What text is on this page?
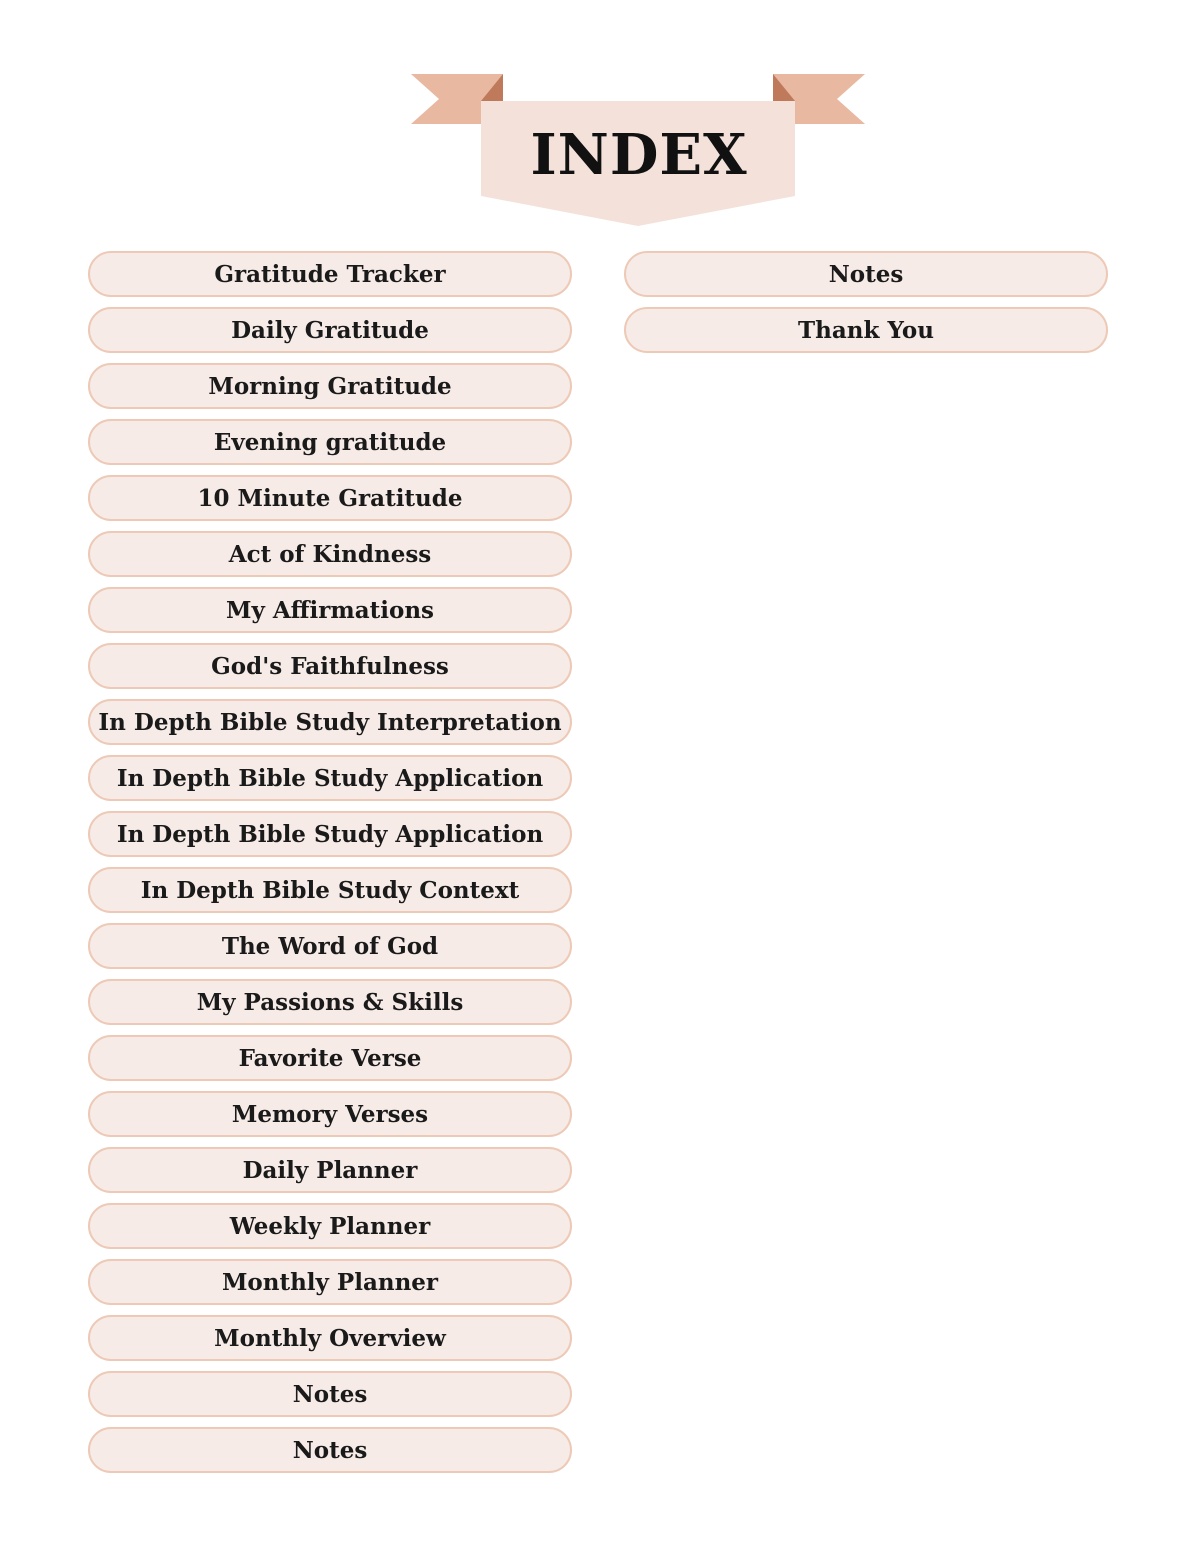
INDEX
Gratitude Tracker
Daily Gratitude
Morning Gratitude
Evening gratitude
10 Minute Gratitude
Act of Kindness
My Affirmations
God's Faithfulness
In Depth Bible Study Interpretation
In Depth Bible Study Application
In Depth Bible Study Application
In Depth Bible Study Context
The Word of God
My Passions & Skills
Favorite Verse
Memory Verses
Daily Planner
Weekly Planner
Monthly Planner
Monthly Overview
Notes
Notes
Notes
Thank You
